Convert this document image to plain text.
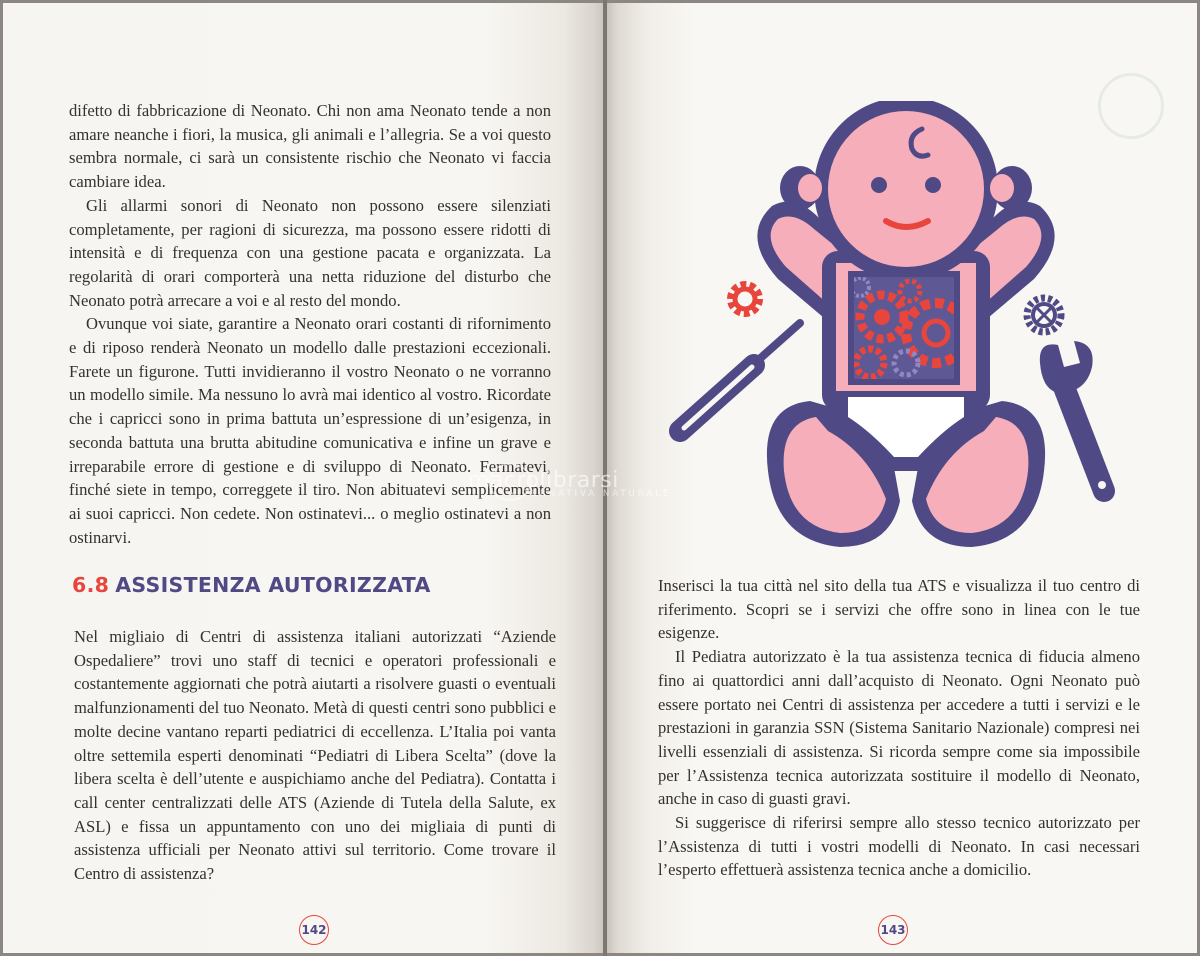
difetto di fabbricazione di Neonato. Chi non ama Neonato tende a non amare neanche i fiori, la musica, gli animali e l’allegria. Se a voi questo sembra normale, ci sarà un consistente rischio che Neonato vi faccia cambiare idea.

Gli allarmi sonori di Neonato non possono essere silenziati completamente, per ragioni di sicurezza, ma possono essere ridotti di intensità e di frequenza con una gestione pacata e organizzata. La regolarità di orari comporterà una netta riduzione del disturbo che Neonato potrà arrecare a voi e al resto del mondo.

Ovunque voi siate, garantire a Neonato orari costanti di rifornimento e di riposo renderà Neonato un modello dalle prestazioni eccezionali. Farete un figurone. Tutti invidieranno il vostro Neonato o ne vorranno un modello simile. Ma nessuno lo avrà mai identico al vostro. Ricordate che i capricci sono in prima battuta un’espressione di un’esigenza, in seconda battuta una brutta abitudine comunicativa e infine un grave e irreparabile errore di gestione e di sviluppo di Neonato. Fermatevi, finché siete in tempo, correggete il tiro. Non abituatevi semplicemente ai suoi capricci. Non cedete. Non ostinatevi... o meglio ostinatevi a non ostinarvi.

6.8 ASSISTENZA AUTORIZZATA

Nel migliaio di Centri di assistenza italiani autorizzati “Aziende Ospedaliere” trovi uno staff di tecnici e operatori professionali e costantemente aggiornati che potrà aiutarti a risolvere guasti o eventuali malfunzionamenti del tuo Neonato. Metà di questi centri sono pubblici e molte decine vantano reparti pediatrici di eccellenza. L’Italia poi vanta oltre settemila esperti denominati “Pediatri di Libera Scelta” (dove la libera scelta è dell’utente e auspichiamo anche del Pediatra). Contatta i call center centralizzati delle ATS (Aziende di Tutela della Salute, ex ASL) e fissa un appuntamento con uno dei migliaia di punti di assistenza ufficiali per Neonato attivi sul territorio. Come trovare il Centro di assistenza?

142

Inserisci la tua città nel sito della tua ATS e visualizza il tuo centro di riferimento. Scopri se i servizi che offre sono in linea con le tue esigenze.

Il Pediatra autorizzato è la tua assistenza tecnica di fiducia almeno fino ai quattordici anni dall’acquisto di Neonato. Ogni Neonato può essere portato nei Centri di assistenza per accedere a tutti i servizi e le prestazioni in garanzia SSN (Sistema Sanitario Nazionale) compresi nei livelli essenziali di assistenza. Si ricorda sempre come sia impossibile per l’Assistenza tecnica autorizzata sostituire il modello di Neonato, anche in caso di guasti gravi.

Si suggerisce di riferirsi sempre allo stesso tecnico autorizzato per l’Assistenza di tutti i vostri modelli di Neonato. In casi necessari l’esperto effettuerà assistenza tecnica anche a domicilio.

143
macrolibrarsi
ALTERNATIVA NATURALE
